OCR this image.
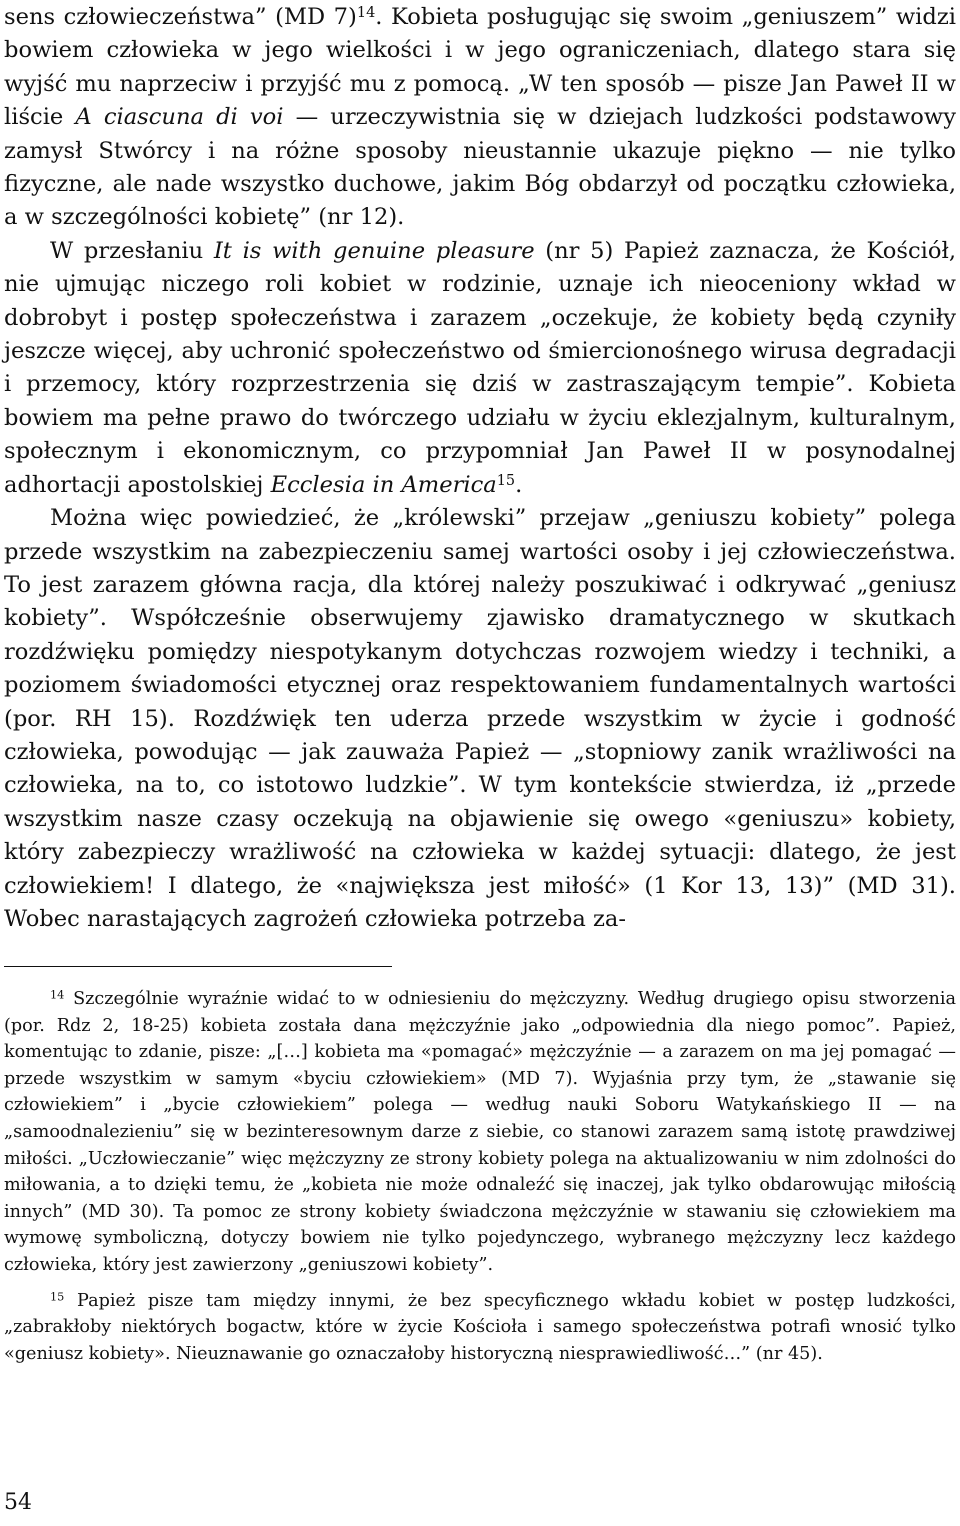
sens człowieczeństwa” (MD 7)$^{14}$. Kobieta posługując się swoim „geniuszem” widzi bowiem człowieka w jego wielkości i w jego ograniczeniach, dlatego stara się wyjść mu naprzeciw i przyjść mu z pomocą. „W ten sposób — pisze Jan Paweł II w liście A ciascuna di voi — urzeczywistnia się w dziejach ludzkości podstawowy zamysł Stwórcy i na różne sposoby nieustannie ukazuje piękno — nie tylko fizyczne, ale nade wszystko duchowe, jakim Bóg obdarzył od początku człowieka, a w szczególności kobietę” (nr 12).

W przesłaniu It is with genuine pleasure (nr 5) Papież zaznacza, że Kościół, nie ujmując niczego roli kobiet w rodzinie, uznaje ich nieoceniony wkład w dobrobyt i postęp społeczeństwa i zarazem „oczekuje, że kobiety będą czyniły jeszcze więcej, aby uchronić społeczeństwo od śmiercionośnego wirusa degradacji i przemocy, który rozprzestrzenia się dziś w zastraszającym tempie”. Kobieta bowiem ma pełne prawo do twórczego udziału w życiu eklezjalnym, kulturalnym, społecznym i ekonomicznym, co przypomniał Jan Paweł II w posynodalnej adhortacji apostolskiej Ecclesia in America$^{15}$.

Można więc powiedzieć, że „królewski” przejaw „geniuszu kobiety” polega przede wszystkim na zabezpieczeniu samej wartości osoby i jej człowieczeństwa. To jest zarazem główna racja, dla której należy poszukiwać i odkrywać „geniusz kobiety”. Współcześnie obserwujemy zjawisko dramatycznego w skutkach rozdźwięku pomiędzy niespotykanym dotychczas rozwojem wiedzy i techniki, a poziomem świadomości etycznej oraz respektowaniem fundamentalnych wartości (por. RH 15). Rozdźwięk ten uderza przede wszystkim w życie i godność człowieka, powodując — jak zauważa Papież — „stopniowy zanik wrażliwości na człowieka, na to, co istotowo ludzkie”. W tym kontekście stwierdza, iż „przede wszystkim nasze czasy oczekują na objawienie się owego «geniuszu» kobiety, który zabezpieczy wrażliwość na człowieka w każdej sytuacji: dlatego, że jest człowiekiem! I dlatego, że «największa jest miłość» (1 Kor 13, 13)” (MD 31). Wobec narastających zagrożeń człowieka potrzeba za-

$^{14}$ Szczególnie wyraźnie widać to w odniesieniu do mężczyzny. Według drugiego opisu stworzenia (por. Rdz 2, 18-25) kobieta została dana mężczyźnie jako „odpowiednia dla niego pomoc”. Papież, komentując to zdanie, pisze: „[…] kobieta ma «pomagać» mężczyźnie — a zarazem on ma jej pomagać — przede wszystkim w samym «byciu człowiekiem» (MD 7). Wyjaśnia przy tym, że „stawanie się człowiekiem” i „bycie człowiekiem” polega — według nauki Soboru Watykańskiego II — na „samoodnalezieniu” się w bezinteresownym darze z siebie, co stanowi zarazem samą istotę prawdziwej miłości. „Uczłowieczanie” więc mężczyzny ze strony kobiety polega na aktualizowaniu w nim zdolności do miłowania, a to dzięki temu, że „kobieta nie może odnaleźć się inaczej, jak tylko obdarowując miłością innych” (MD 30). Ta pomoc ze strony kobiety świadczona mężczyźnie w stawaniu się człowiekiem ma wymowę symboliczną, dotyczy bowiem nie tylko pojedynczego, wybranego mężczyzny lecz każdego człowieka, który jest zawierzony „geniuszowi kobiety”.

$^{15}$ Papież pisze tam między innymi, że bez specyficznego wkładu kobiet w postęp ludzkości, „zabrakłoby niektórych bogactw, które w życie Kościoła i samego społeczeństwa potrafi wnosić tylko «geniusz kobiety». Nieuznawanie go oznaczałoby historyczną niesprawiedliwość…” (nr 45).

54
